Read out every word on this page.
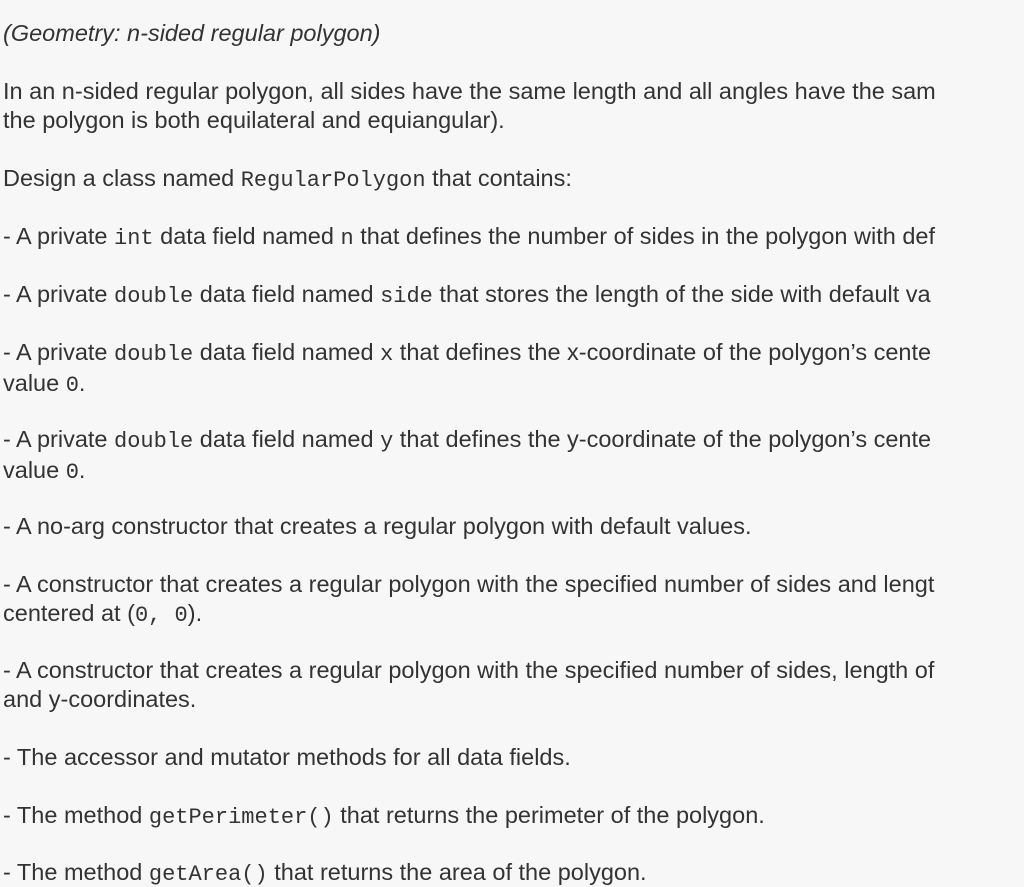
(Geometry: n-sided regular polygon)

In an n-sided regular polygon, all sides have the same length and all angles have the sam
the polygon is both equilateral and equiangular).

Design a class named RegularPolygon that contains:

- A private int data field named n that defines the number of sides in the polygon with def

- A private double data field named side that stores the length of the side with default va

- A private double data field named x that defines the x-coordinate of the polygon’s cente
value 0.

- A private double data field named y that defines the y-coordinate of the polygon’s cente
value 0.

- A no-arg constructor that creates a regular polygon with default values.

- A constructor that creates a regular polygon with the specified number of sides and lengt
centered at (0, 0).

- A constructor that creates a regular polygon with the specified number of sides, length of
and y-coordinates.

- The accessor and mutator methods for all data fields.

- The method getPerimeter() that returns the perimeter of the polygon.

- The method getArea() that returns the area of the polygon.
